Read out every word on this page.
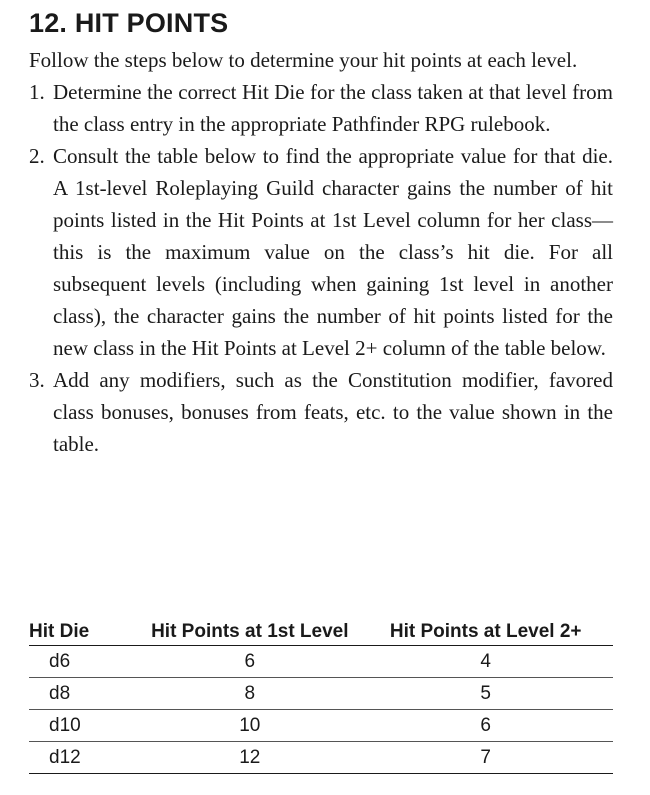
12. HIT POINTS

Follow the steps below to determine your hit points at each level.

1. Determine the correct Hit Die for the class taken at that level from the class entry in the appropriate Pathfinder RPG rulebook.
2. Consult the table below to find the appropriate value for that die. A 1st-level Roleplaying Guild character gains the number of hit points listed in the Hit Points at 1st Level column for her class—this is the maximum value on the class’s hit die. For all subsequent levels (including when gaining 1st level in another class), the character gains the number of hit points listed for the new class in the Hit Points at Level 2+ column of the table below.
3. Add any modifiers, such as the Constitution modifier, favored class bonuses, bonuses from feats, etc. to the value shown in the table.
Hit Die	Hit Points at 1st Level	Hit Points at Level 2+
d6	6	4
d8	8	5
d10	10	6
d12	12	7
